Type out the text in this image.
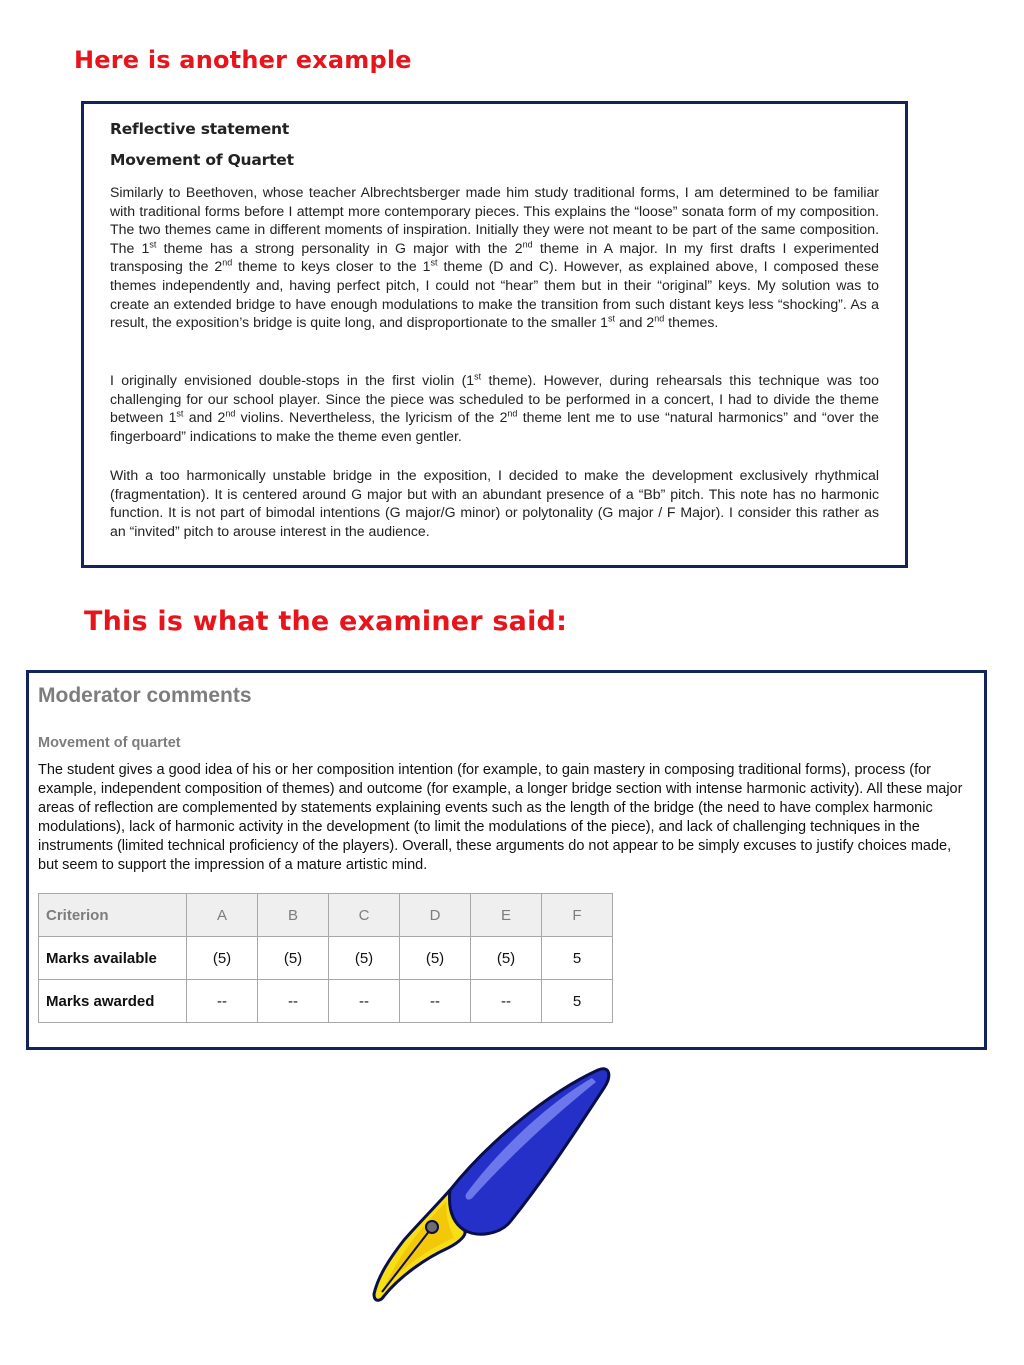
Here is another example
Reflective statement
Movement of Quartet
Similarly to Beethoven, whose teacher Albrechtsberger made him study traditional forms, I am determined to be familiar with traditional forms before I attempt more contemporary pieces. This explains the “loose” sonata form of my composition. The two themes came in different moments of inspiration. Initially they were not meant to be part of the same composition. The 1st theme has a strong personality in G major with the 2nd theme in A major. In my first drafts I experimented transposing the 2nd theme to keys closer to the 1st theme (D and C). However, as explained above, I composed these themes independently and, having perfect pitch, I could not “hear” them but in their “original” keys. My solution was to create an extended bridge to have enough modulations to make the transition from such distant keys less “shocking”. As a result, the exposition’s bridge is quite long, and disproportionate to the smaller 1st and 2nd themes.
I originally envisioned double-stops in the first violin (1st theme). However, during rehearsals this technique was too challenging for our school player. Since the piece was scheduled to be performed in a concert, I had to divide the theme between 1st and 2nd violins. Nevertheless, the lyricism of the 2nd theme lent me to use “natural harmonics” and “over the fingerboard” indications to make the theme even gentler.
With a too harmonically unstable bridge in the exposition, I decided to make the development exclusively rhythmical (fragmentation). It is centered around G major but with an abundant presence of a “Bb” pitch. This note has no harmonic function. It is not part of bimodal intentions (G major/G minor) or polytonality (G major / F Major). I consider this rather as an “invited” pitch to arouse interest in the audience.
This is what the examiner said:
Moderator comments
Movement of quartet
The student gives a good idea of his or her composition intention (for example, to gain mastery in composing traditional forms), process (for example, independent composition of themes) and outcome (for example, a longer bridge section with intense harmonic activity). All these major areas of reflection are complemented by statements explaining events such as the length of the bridge (the need to have complex harmonic modulations), lack of harmonic activity in the development (to limit the modulations of the piece), and lack of challenging techniques in the instruments (limited technical proficiency of the players). Overall, these arguments do not appear to be simply excuses to justify choices made, but seem to support the impression of a mature artistic mind.
Criterion	A	B	C	D	E	F
Marks available	(5)	(5)	(5)	(5)	(5)	5
Marks awarded	--	--	--	--	--	5
